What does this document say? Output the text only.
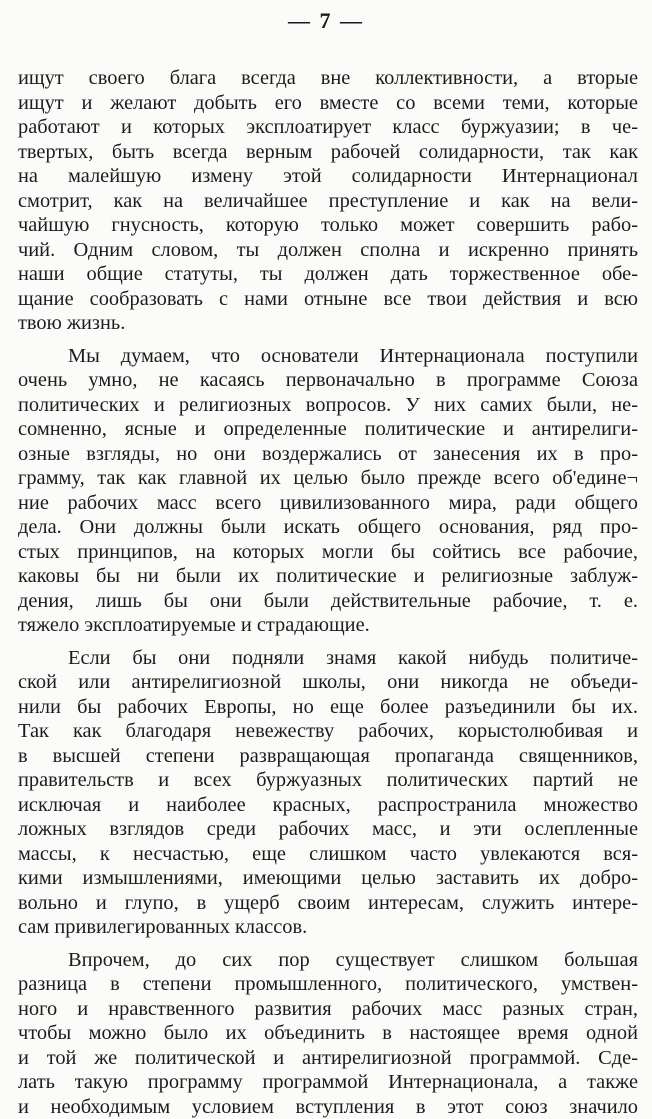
— 7 —
ищут своего блага всегда вне коллективности, а вторые
ищут и желают добыть его вместе со всеми теми, которые
работают и которых эксплоатирует класс буржуазии; в че-
твертых, быть всегда верным рабочей солидарности, так как
на малейшую измену этой солидарности Интернационал
смотрит, как на величайшее преступление и как на вели-
чайшую гнусность, которую только может совершить рабо-
чий. Одним словом, ты должен сполна и искренно принять
наши общие статуты, ты должен дать торжественное обе-
щание сообразовать с нами отныне все твои действия и всю
твою жизнь.
Мы думаем, что основатели Интернационала поступили
очень умно, не касаясь первоначально в программе Союза
политических и религиозных вопросов. У них самих были, не-
сомненно, ясные и определенные политические и антирелиги-
озные взгляды, но они воздержались от занесения их в про-
грамму, так как главной их целью было прежде всего об'едине¬
ние рабочих масс всего цивилизованного мира, ради общего
дела. Они должны были искать общего основания, ряд про-
стых принципов, на которых могли бы сойтись все рабочие,
каковы бы ни были их политические и религиозные заблуж-
дения, лишь бы они были действительные рабочие, т. е.
тяжело эксплоатируемые и страдающие.
Если бы они подняли знамя какой нибудь политиче-
ской или антирелигиозной школы, они никогда не объеди-
нили бы рабочих Европы, но еще более разъединили бы их.
Так как благодаря невежеству рабочих, корыстолюбивая и
в высшей степени развращающая пропаганда священников,
правительств и всех буржуазных политических партий не
исключая и наиболее красных, распространила множество
ложных взглядов среди рабочих масс, и эти ослепленные
массы, к несчастью, еще слишком часто увлекаются вся-
кими измышлениями, имеющими целью заставить их добро-
вольно и глупо, в ущерб своим интересам, служить интере-
сам привилегированных классов.
Впрочем, до сих пор существует слишком большая
разница в степени промышленного, политического, умствен-
ного и нравственного развития рабочих масс разных стран,
чтобы можно было их объединить в настоящее время одной
и той же политической и антирелигиозной программой. Сде-
лать такую программу программой Интернационала, а также
и необходимым условием вступления в этот союз значило
